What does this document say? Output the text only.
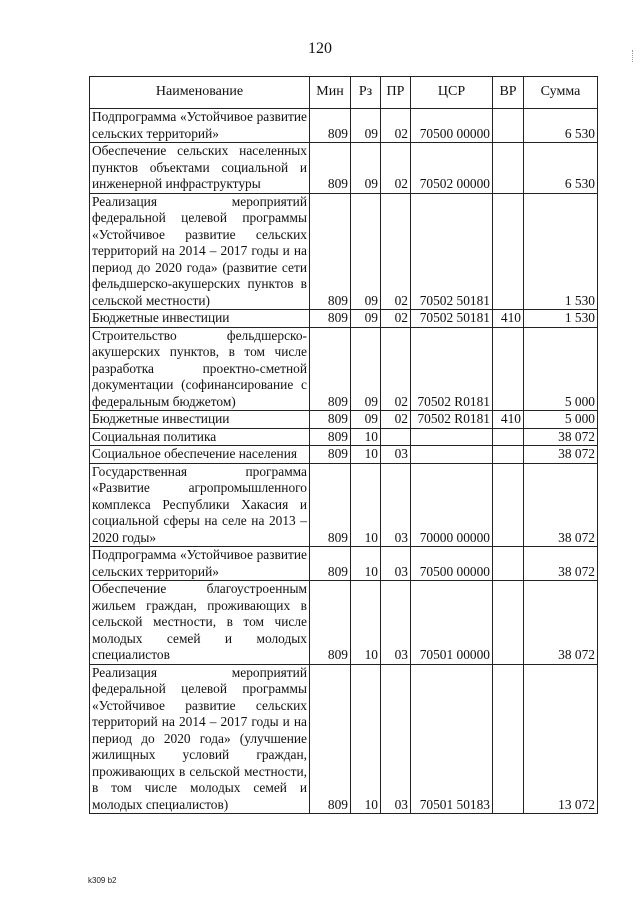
120
Наименование	Мин	Рз	ПР	ЦСР	ВР	Сумма
Подпрограмма «Устойчивое развитие сельских территорий»	809	09	02	70500 00000		6 530
Обеспечение сельских населенных пунктов объектами социальной и инженерной инфраструктуры	809	09	02	70502 00000		6 530
Реализация мероприятий федеральной целевой программы «Устойчивое развитие сельских территорий на 2014 – 2017 годы и на период до 2020 года» (развитие сети фельдшерско-акушерских пунктов в сельской местности)	809	09	02	70502 50181		1 530
Бюджетные инвестиции	809	09	02	70502 50181	410	1 530
Строительство фельдшерско-акушерских пунктов, в том числе разработка проектно-сметной документации (софинансирование с федеральным бюджетом)	809	09	02	70502 R0181		5 000
Бюджетные инвестиции	809	09	02	70502 R0181	410	5 000
Социальная политика	809	10				38 072
Социальное обеспечение населения	809	10	03			38 072
Государственная программа «Развитие агропромышленного комплекса Республики Хакасия и социальной сферы на селе на 2013 – 2020 годы»	809	10	03	70000 00000		38 072
Подпрограмма «Устойчивое развитие сельских территорий»	809	10	03	70500 00000		38 072
Обеспечение благоустроенным жильем граждан, проживающих в сельской местности, в том числе молодых семей и молодых специалистов	809	10	03	70501 00000		38 072
Реализация мероприятий федеральной целевой программы «Устойчивое развитие сельских территорий на 2014 – 2017 годы и на период до 2020 года» (улучшение жилищных условий граждан, проживающих в сельской местности, в том числе молодых семей и молодых специалистов)	809	10	03	70501 50183		13 072
k309 b2
